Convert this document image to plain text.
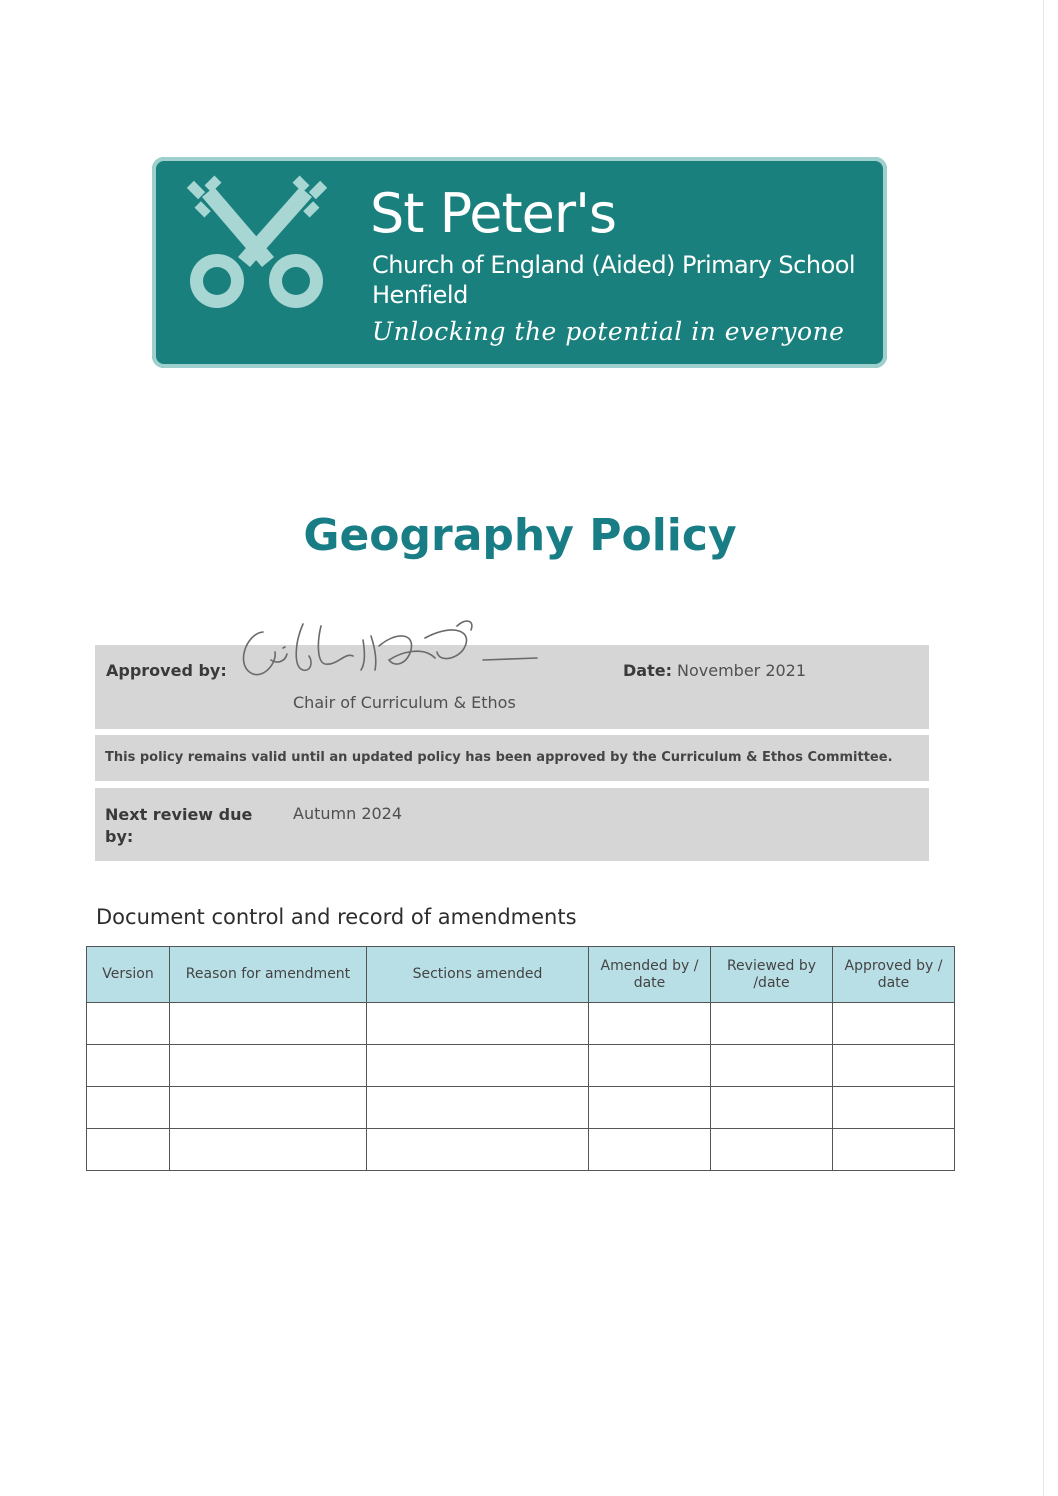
St Peter's
Church of England (Aided) Primary School
Henfield
Unlocking the potential in everyone
Geography Policy
Approved by:	Date: November 2021
Chair of Curriculum & Ethos
This policy remains valid until an updated policy has been approved by the Curriculum & Ethos Committee.
Next review due
by:
Autumn 2024
Document control and record of amendments
Version	Reason for amendment	Sections amended	Amended by / date	Reviewed by /date	Approved by / date
